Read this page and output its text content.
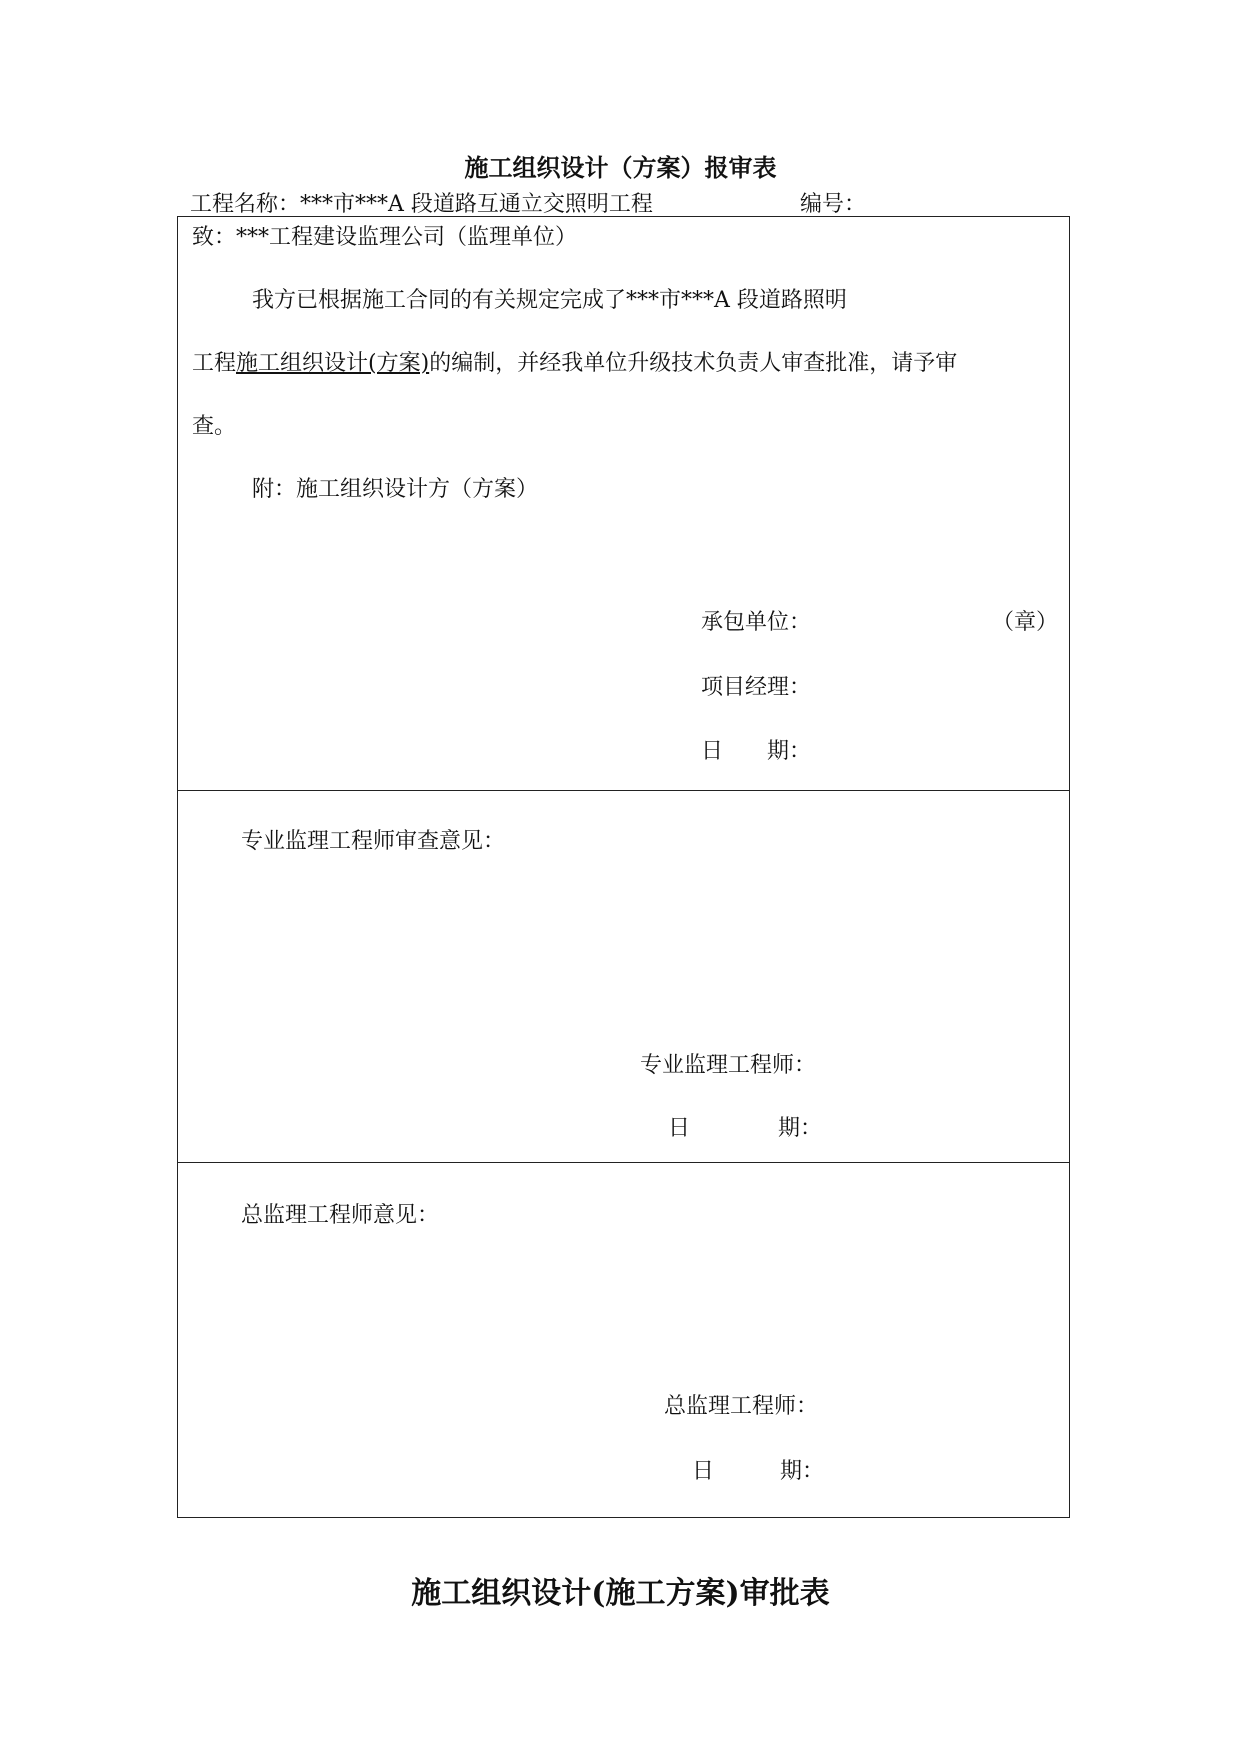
施工组织设计（方案）报审表
工程名称：***市***A 段道路互通立交照明工程	编号：
致：***工程建设监理公司（监理单位）
我方已根据施工合同的有关规定完成了***市***A 段道路照明
工程施工组织设计(方案)的编制，并经我单位升级技术负责人审查批准，请予审
查。
附：施工组织设计方（方案）
承包单位：	（章）
项目经理：
日　　期：
专业监理工程师审查意见：
专业监理工程师：
日　　　　期：
总监理工程师意见：
总监理工程师：
日　　　期：
施工组织设计(施工方案)审批表
